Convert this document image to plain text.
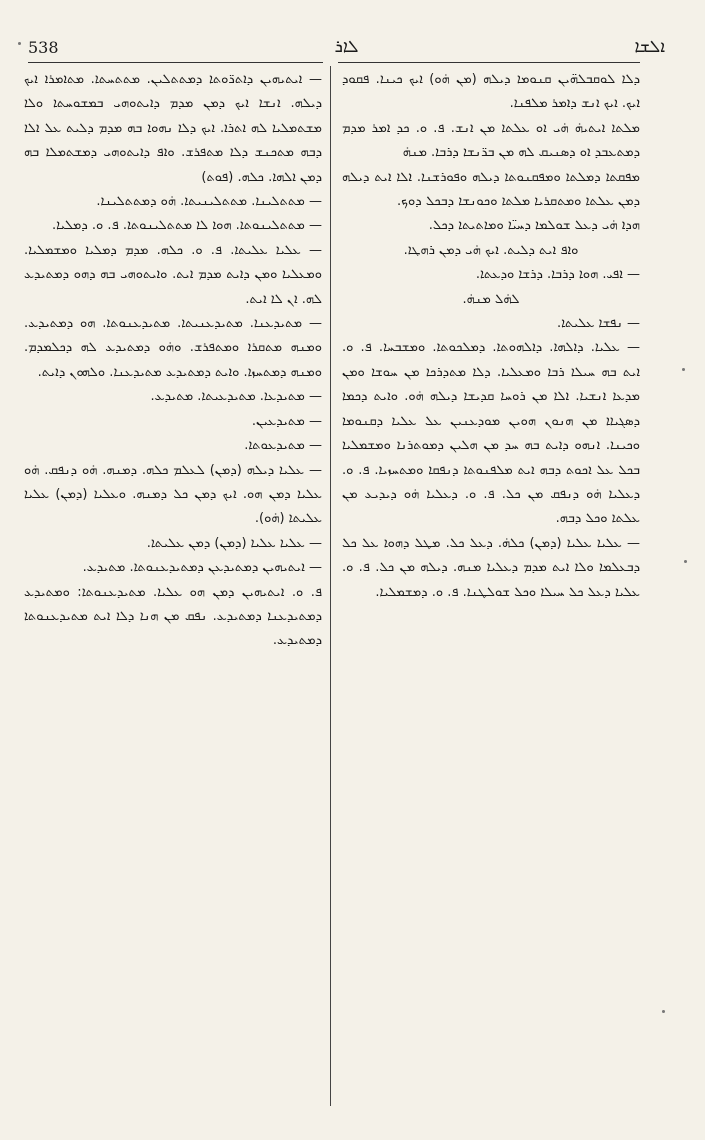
538	ܠܐܪ	ܐܠܫܐ

ܕܠܐ ܠܘܩܒܠܗ̈ܝܢ ܩܢܘܡܐ ܕܝܠܗ (ܡܢ ܗ̇ܘ) ܐܝܟ ܟܝܢܐ. ܦܩܘܕ ܐܝܟ. ܐܝܟ ܐܢܫ ܕܐܡܪ ܡܠܦܢܐ.

ܡܠܬܐ ܐܝܬܝܗ̇ ܗ̇ܝ ܐܘ ܥܠܬܐ ܡܢ ܐܢܫ. ܦ. ܘ. ܟܕ ܐܡܪ ܡܕܡ ܕܡܬܥܒܕ ܐܘ ܕܣܢܝܩ ܠܗ ܡܢ ܒܪ̈ܢܫܐ ܕܪܒܐ. ܡܢܗ̇

ܡܦܩܬܐ ܕܡܠܬܐ ܘܡܦܩܢܘܬܐ ܕܝܠܗ ܘܦܘܪܫܢܐ. ܐܠܐ ܐܝܬ ܕܝܠܗ ܕܡܢ ܥܠܬܐ ܘܡܬܩܪܝܐ ܡܠܬܐ ܘܟܘܢܫܐ ܕܒܟܠ ܕܘܟ.

ܗܕܐ ܗ̇ܝ ܕܥܠ ܫܘܠܡܐ ܕܚܝ̈ܐ ܘܡܐܬܝܬܐ ܕܟܠ.

ܘܐܦ ܐܝܬ ܕܠܝܬ. ܐܝܟ ܗ̇ܝ ܕܡܢ ܪܗܛܐ.

— ܐܦܝ. ܗܘܐ ܕܪܒܐ. ܕܪܫܐ ܘܕܥܬܐ.

ܠܗ̇ܠ ܡܢܗ̇.

— ܢܦܫܐ ܥܠܝܬܐ.

— ܥܠܝܐ. ܕܐܠܗܐ. ܕܐܠܗܘܬܐ. ܕܡܠܟܘܬܐ. ܘܡܫܒܚܐ. ܦ. ܘ. ܐܝܬ ܒܗ ܚܝܠܐ ܪܒܐ ܘܡܥܠܝܐ. ܕܠܐ ܡܬܕܪܟܐ ܡܢ ܚܘܫܐ ܘܡܢ ܡܕܥܐ ܐܢܫܝܐ. ܐܠܐ ܡܢ ܪܘܚܐ ܩܕܝܫܐ ܕܝܠܗ ܗ̇ܘ. ܘܐܝܬ ܕܟܡܐ ܕܣܓܝܐܐ ܡܢ ܗܢܘܢ ܗܘܝܢ ܡܘܕܥܢܝܢ ܥܠ ܥܠܝܐ ܕܩܢܘܡܐ ܘܟܝܢܐ. ܐܢܗܘ ܕܐܝܬ ܒܗ ܚܕ ܡܢ ܗܠܝܢ ܕܡܘܬܪܢܐ ܘܡܫܡܠܝܐ ܒܟܠ ܥܠ ܐܟܘܬ ܕܒܗ ܐܝܬ ܡܠܦܢܘܬܐ ܕܢܦܩܐ ܘܡܬܚܙܝܐ. ܦ. ܘ. ܕܥܠܝܐ ܗ̇ܘ ܕܢܦܩ ܡܢ ܟܠ. ܦ. ܘ. ܕܥܠܝܐ ܗ̇ܘ ܕܝܕܝܥ ܡܢ ܥܠܬܐ ܘܟܠ ܕܒܗ.

— ܥܠܝܐ ܥܠܝܐ (ܕܡܢ) ܟܠܗ̇. ܕܥܠ ܟܠ. ܡܛܠ ܕܗܘܐ ܥܠ ܟܠ ܕܒܥܠܡܐ ܘܠܐ ܐܝܬ ܡܕܡ ܕܥܠܝܐ ܡܢܗ. ܕܝܠܗ ܡܢ ܟܠ. ܦ. ܘ. ܥܠܝܐ ܕܥܠ ܟܠ ܚܝܠܐ ܘܟܠ ܫܘܠܛܢܐ. ܦ. ܘ. ܕܡܫܡܠܝܐ.

— ܐܝܬܝܗܝܢ ܕܐܬܪ̈ܘܬܐ ܕܡܬܬܠܝܢ. ܡܬܬܚܬܐ. ܡܬܐܡܪܐ ܐܝܟ ܕܝܠܗ. ܐܢܫܐ ܐܝܟ ܕܡܢ ܡܕܡ ܕܐܝܬܘܗܝ ܒܡܫܘܚܬܐ ܘܠܐ ܡܫܬܡܠܝܐ ܠܗ ܐܬܪܐ. ܐܝܟ ܕܠܐ ܢܗܘܐ ܒܗ ܡܕܡ ܕܠܝܬ ܥܠ ܐܠܐ ܕܒܗ ܡܬܟܢܫ ܕܠܐ ܡܬܦܪܫ. ܘܐܦ ܕܐܝܬܘܗܝ ܕܡܫܬܡܠܐ ܒܗ ܕܡܢ ܐܠܗܐ. ܟܠܗ. (ܦܘܬ)

— ܡܬܬܠܝܢܐ. ܡܬܬܠܝܢܝܬܐ. ܗ̇ܘ ܕܡܬܬܠܝܢܐ.

— ܡܬܬܠܝܢܘܬܐ. ܗܘܐ ܠܐ ܡܬܬܠܝܢܘܬܐ. ܦ. ܘ. ܕܡܠܝܐ.

— ܥܠܝܐ ܥܠܝܬܐ. ܦ. ܘ. ܟܠܗ. ܡܕܡ ܕܡܠܝܐ ܘܡܫܡܠܝܐ. ܘܡܥܠܝܐ ܘܡܢ ܕܐܝܬ ܡܕܡ ܐܝܬ. ܘܐܝܬܘܗܝ ܒܗ ܕܗܘ ܕܡܬܝܕܥ ܠܗ. ܐܢ ܠܐ ܐܝܬ.

— ܡܬܝܕܥܢܐ. ܡܬܝܕܥܢܝܬܐ. ܡܬܝܕܥܢܘܬܐ. ܗܘ ܕܡܬܝܕܥ. ܘܡܢܗ ܡܬܩܪܐ ܘܡܬܦܪܫ. ܘܗ̇ܘ ܕܡܬܝܕܥ ܠܗ ܕܟܠܡܕܡ. ܘܡܢܗ ܕܡܬܚܙܐ. ܘܐܝܬ ܕܡܬܝܕܥ ܡܬܝܕܥܢܐ. ܘܠܗܘܢ ܕܐܝܬ.

— ܡܬܝܕܥܐ. ܡܬܝܕܥܝܬܐ. ܡܬܝܕܥ.

— ܡܬܝܕܥܝܢ.

— ܡܬܝܕܥܘܬܐ.

— ܥܠܝܐ ܕܝܠܗ (ܕܡܢ) ܠܥܠܡ ܟܠܗ. ܕܡܢܗ. ܗ̇ܘ ܕܢܦܩ. ܗ̇ܘ ܥܠܝܐ ܕܡܢ ܗܘ. ܐܝܟ ܕܡܢ ܟܠ ܕܡܢܗ. ܘܥܠܝܐ (ܕܡܢ) ܥܠܝܐ ܥܠܝܬܐ (ܗ̇ܘ).

— ܥܠܝܐ ܥܠܝܐ (ܕܡܢ) ܕܡܢ ܥܠܝܬܐ.

— ܐܝܬܝܗܝܢ ܕܡܬܝܕܥܢ ܕܡܬܝܕܥܢܘܬܐ. ܡܬܝܕܥ.

ܦ. ܘ. ܐܝܬܝܗܝܢ ܕܡܢ ܗܘ ܥܠܝܐ. ܡܬܝܕܥܢܘܬܐ: ܘܡܬܝܕܥ ܕܡܬܝܕܥܢܐ ܕܡܬܝܕܥ. ܢܦܩ ܡܢ ܗܢܐ ܕܠܐ ܐܝܬ ܡܬܝܕܥܢܘܬܐ ܕܡܬܝܕܥ.
